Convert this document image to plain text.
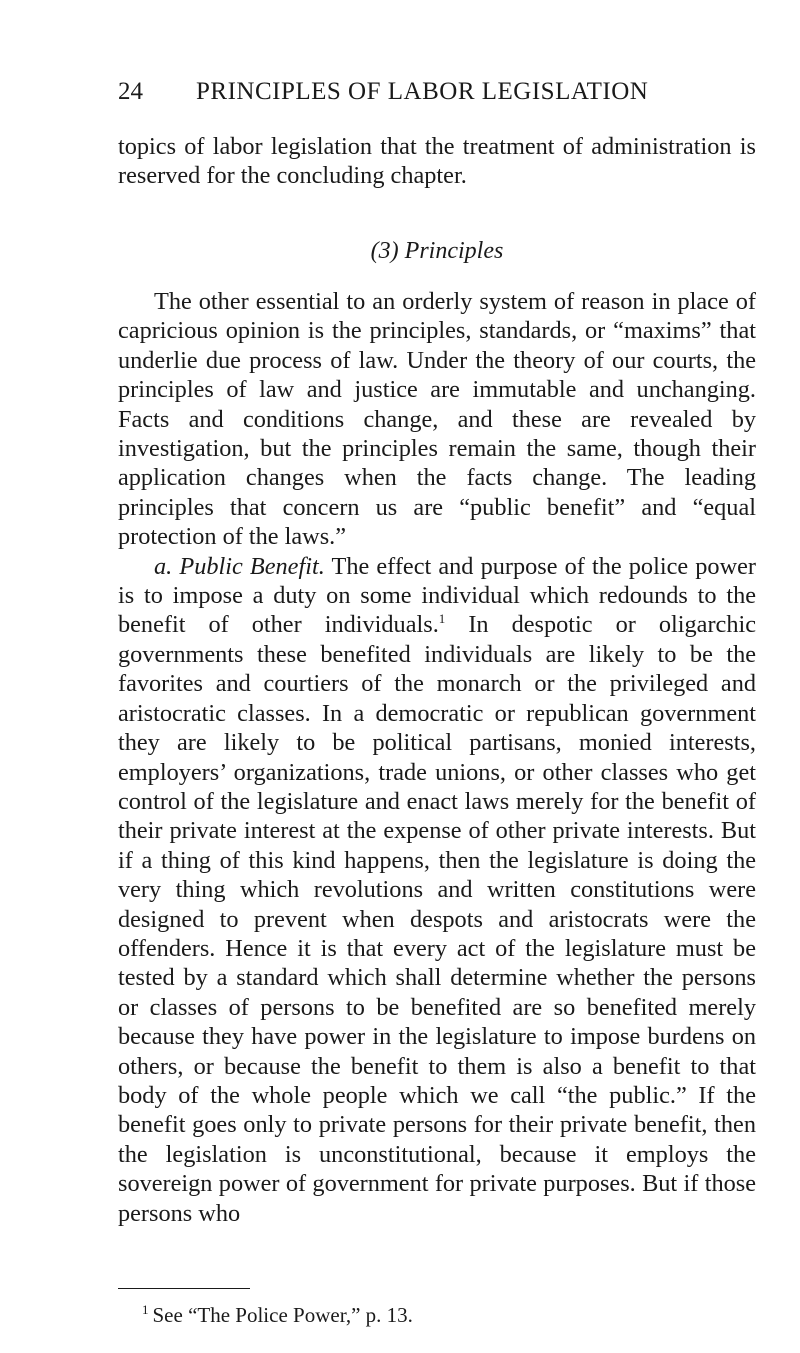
24	PRINCIPLES OF LABOR LEGISLATION

topics of labor legislation that the treatment of administration is reserved for the concluding chapter.

(3) Principles

The other essential to an orderly system of reason in place of capricious opinion is the principles, standards, or “maxims” that underlie due process of law. Under the theory of our courts, the principles of law and justice are immutable and unchanging. Facts and conditions change, and these are revealed by investigation, but the principles remain the same, though their application changes when the facts change. The leading principles that concern us are “public benefit” and “equal protection of the laws.”

a. Public Benefit. The effect and purpose of the police power is to impose a duty on some individual which redounds to the benefit of other individuals.$^1$ In despotic or oligarchic governments these benefited individuals are likely to be the favorites and courtiers of the monarch or the privileged and aristocratic classes. In a democratic or republican government they are likely to be political partisans, monied interests, employers’ organizations, trade unions, or other classes who get control of the legislature and enact laws merely for the benefit of their private interest at the expense of other private interests. But if a thing of this kind happens, then the legislature is doing the very thing which revolutions and written constitutions were designed to prevent when despots and aristocrats were the offenders. Hence it is that every act of the legislature must be tested by a standard which shall determine whether the persons or classes of persons to be benefited are so benefited merely because they have power in the legislature to impose burdens on others, or because the benefit to them is also a benefit to that body of the whole people which we call “the public.” If the benefit goes only to private persons for their private benefit, then the legislation is unconstitutional, because it employs the sovereign power of government for private purposes. But if those persons who

$^1$ See “The Police Power,” p. 13.
